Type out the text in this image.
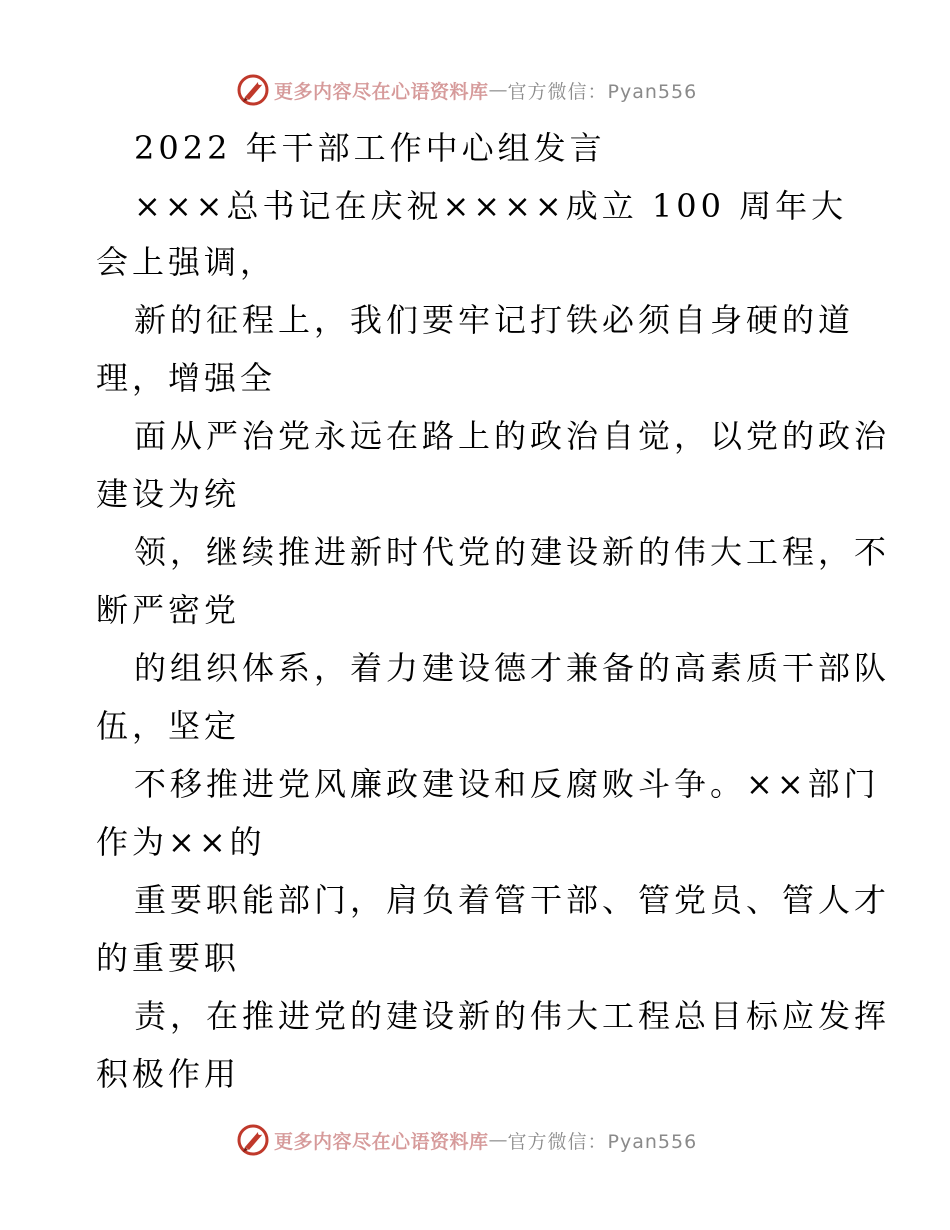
更多内容尽在心语资料库 — 官方微信：Pyan556
2022 年干部工作中心组发言
×××总书记在庆祝××××成立 100 周年大
会上强调，
新的征程上，我们要牢记打铁必须自身硬的道
理，增强全
面从严治党永远在路上的政治自觉，以党的政治
建设为统
领，继续推进新时代党的建设新的伟大工程，不
断严密党
的组织体系，着力建设德才兼备的高素质干部队
伍，坚定
不移推进党风廉政建设和反腐败斗争。××部门
作为××的
重要职能部门，肩负着管干部、管党员、管人才
的重要职
责，在推进党的建设新的伟大工程总目标应发挥
积极作用
更多内容尽在心语资料库 — 官方微信：Pyan556
